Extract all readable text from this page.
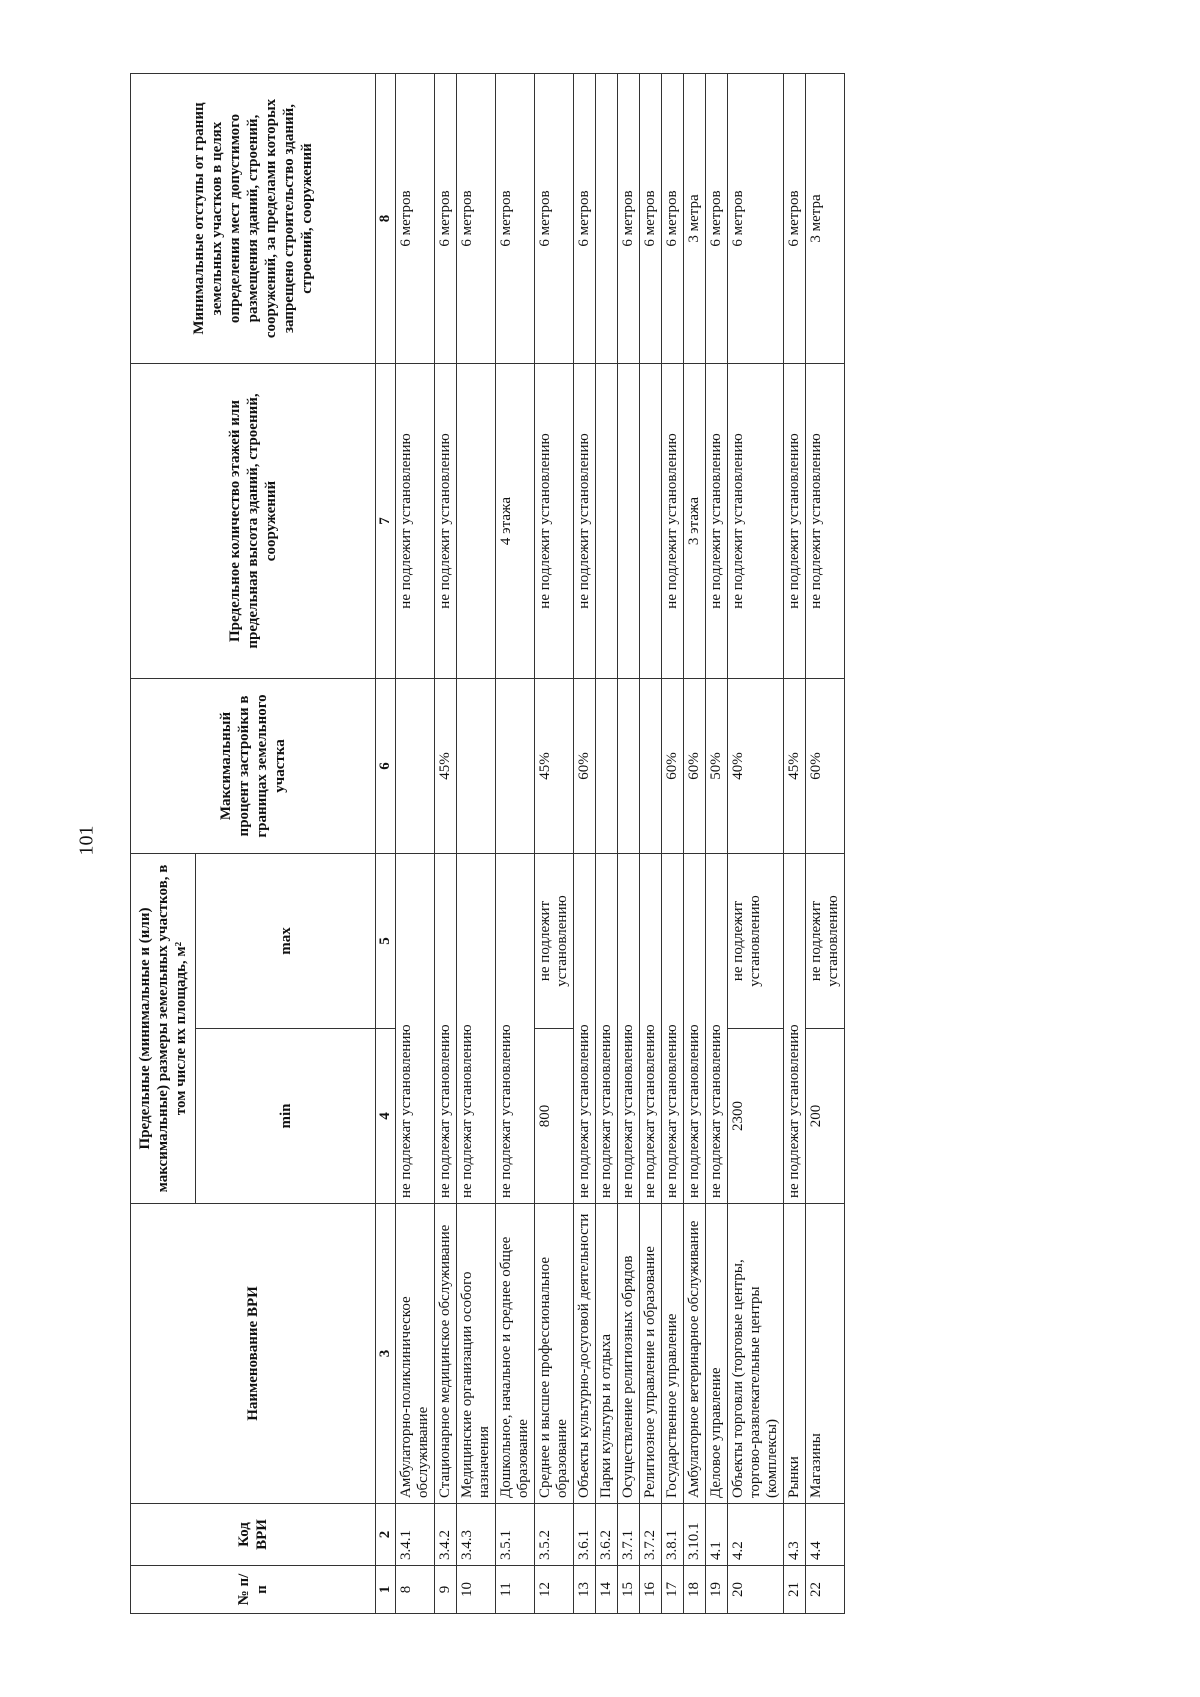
101
№ п/п	Код ВРИ	Наименование ВРИ	Предельные (минимальные и (или) максимальные) размеры земельных участков, в том числе их площадь, м²		Максимальный процент застройки в границах земельного участка	Предельное количество этажей или предельная высота зданий, строений, сооружений	Минимальные отступы от границ земельных участков в целях определения мест допустимого размещения зданий, строений, сооружений, за пределами которых запрещено строительство зданий, строений, сооружений
			min	max			
1	2	3	4	5	6	7	8
8	3.4.1	Амбулаторно-поликлиническое обслуживание	не подлежат установлению			не подлежит установлению	6 метров
9	3.4.2	Стационарное медицинское обслуживание	не подлежат установлению		45%	не подлежит установлению	6 метров
10	3.4.3	Медицинские организации особого назначения	не подлежат установлению				6 метров
11	3.5.1	Дошкольное, начальное и среднее общее образование	не подлежат установлению			4 этажа	6 метров
12	3.5.2	Среднее и высшее профессиональное образование	800	не подлежит установлению	45%	не подлежит установлению	6 метров
13	3.6.1	Объекты культурно-досуговой деятельности	не подлежат установлению		60%	не подлежит установлению	6 метров
14	3.6.2	Парки культуры и отдыха	не подлежат установлению				
15	3.7.1	Осуществление религиозных обрядов	не подлежат установлению				6 метров
16	3.7.2	Религиозное управление и образование	не подлежат установлению				6 метров
17	3.8.1	Государственное управление	не подлежат установлению		60%	не подлежит установлению	6 метров
18	3.10.1	Амбулаторное ветеринарное обслуживание	не подлежат установлению		60%	3 этажа	3 метра
19	4.1	Деловое управление	не подлежат установлению		50%	не подлежит установлению	6 метров
20	4.2	Объекты торговли (торговые центры, торгово-развлекательные центры (комплексы)	2300	не подлежит установлению	40%	не подлежит установлению	6 метров
21	4.3	Рынки	не подлежат установлению		45%	не подлежит установлению	6 метров
22	4.4	Магазины	200	не подлежит установлению	60%	не подлежит установлению	3 метра
